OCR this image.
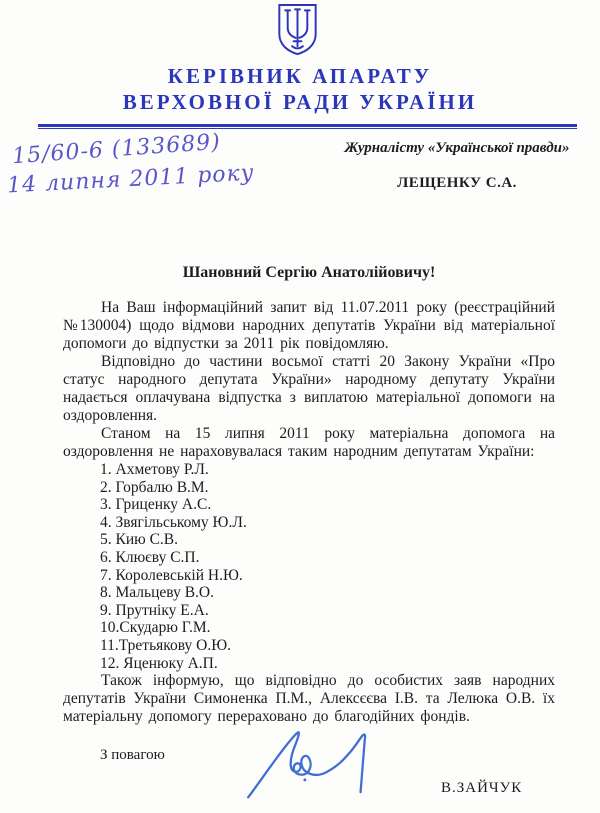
КЕРІВНИК АПАРАТУ
ВЕРХОВНОЇ РАДИ УКРАЇНИ
15/60-6 (133689)
14 липня 2011 року
Журналісту «Української правди»
ЛЕЩЕНКУ С.А.

Шановний Сергію Анатолійовичу!

На Ваш інформаційний запит від 11.07.2011 року (реєстраційний №130004) щодо відмови народних депутатів України від матеріальної допомоги до відпустки за 2011 рік повідомляю.

Відповідно до частини восьмої статті 20 Закону України «Про статус народного депутата України» народному депутату України надається оплачувана відпустка з виплатою матеріальної допомоги на оздоровлення.

Станом на 15 липня 2011 року матеріальна допомога на оздоровлення не нараховувалася таким народним депутатам України:

1. Ахметову Р.Л.
2. Горбалю В.М.
3. Гриценку А.С.
4. Звягільському Ю.Л.
5. Кию С.В.
6. Клюєву С.П.
7. Королевській Н.Ю.
8. Мальцеву В.О.
9. Прутніку Е.А.
10.Скударю Г.М.
11.Третьякову О.Ю.
12. Яценюку А.П.

Також інформую, що відповідно до особистих заяв народних депутатів України Симоненка П.М., Алексєєва І.В. та Лелюка О.В. їх матеріальну допомогу перераховано до благодійних фондів.

З повагою
В.ЗАЙЧУК
